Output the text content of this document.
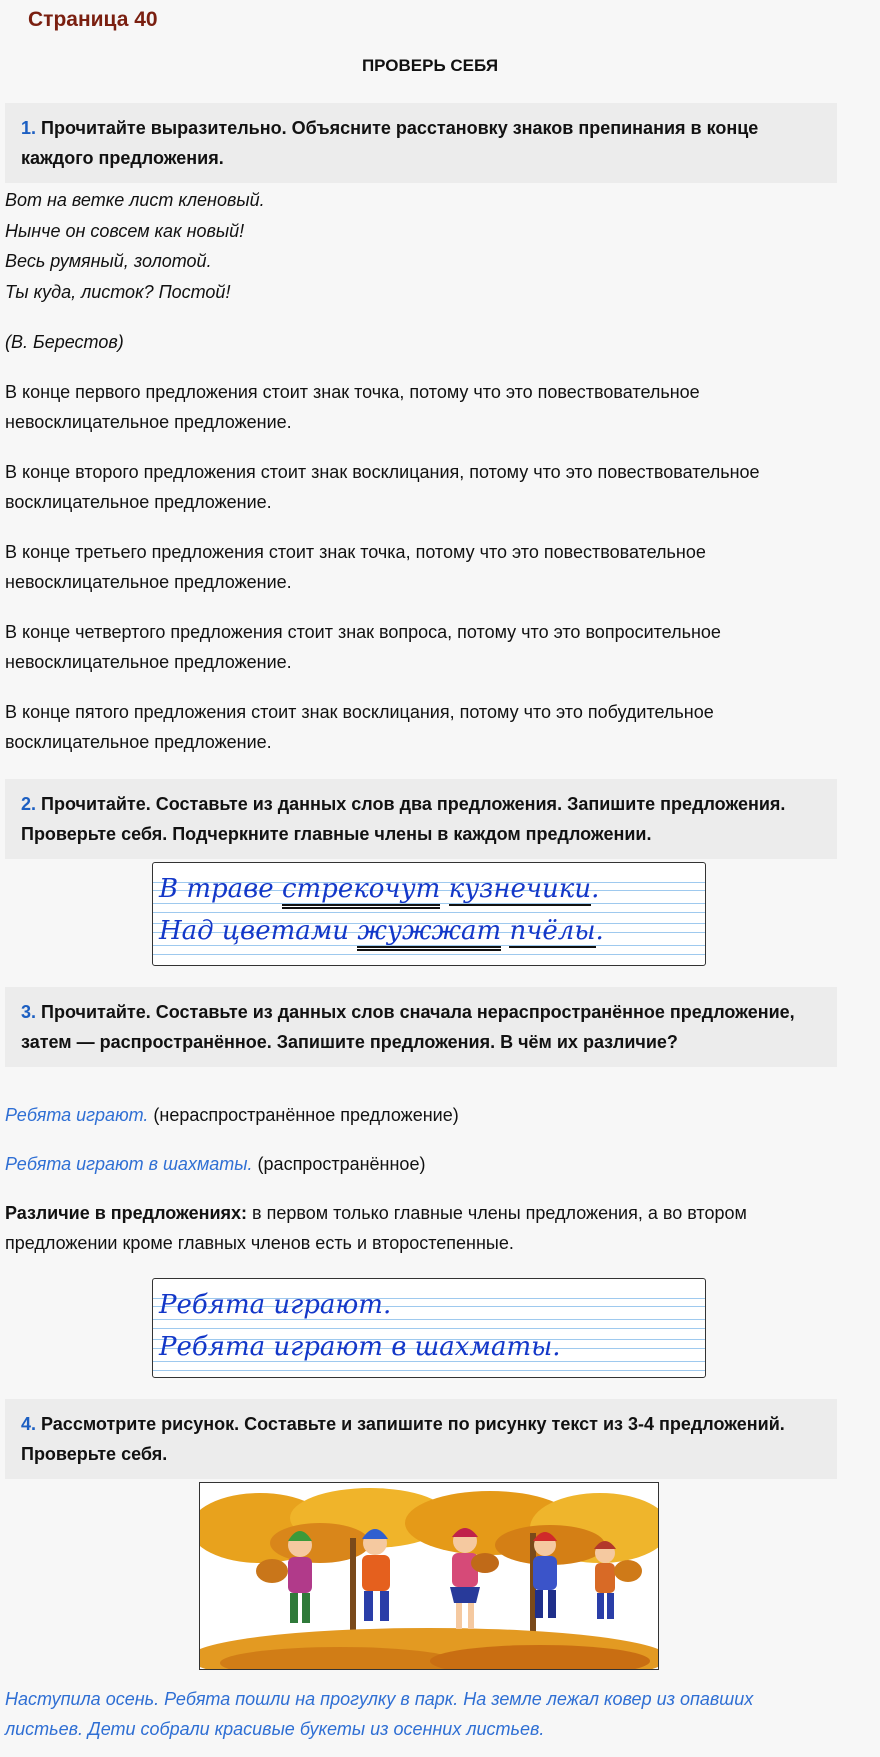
Страница 40
ПРОВЕРЬ СЕБЯ
1. Прочитайте выразительно. Объясните расстановку знаков препинания в конце каждого предложения.
Вот на ветке лист кленовый.
Нынче он совсем как новый!
Весь румяный, золотой.
Ты куда, листок? Постой!
(В. Берестов)
В конце первого предложения стоит знак точка, потому что это повествовательное невосклицательное предложение.
В конце второго предложения стоит знак восклицания, потому что это повествовательное восклицательное предложение.
В конце третьего предложения стоит знак точка, потому что это повествовательное невосклицательное предложение.
В конце четвертого предложения стоит знак вопроса, потому что это вопросительное невосклицательное предложение.
В конце пятого предложения стоит знак восклицания, потому что это побудительное восклицательное предложение.
2. Прочитайте. Составьте из данных слов два предложения. Запишите предложения. Проверьте себя. Подчеркните главные члены в каждом предложении.
В траве стрекочут кузнечики.
Над цветами жужжат пчёлы.
3. Прочитайте. Составьте из данных слов сначала нераспространённое предложение, затем — распространённое. Запишите предложения. В чём их различие?
Ребята играют. (нераспространённое предложение)
Ребята играют в шахматы. (распространённое)
Различие в предложениях: в первом только главные члены предложения, а во втором предложении кроме главных членов есть и второстепенные.
Ребята играют.
Ребята играют в шахматы.
4. Рассмотрите рисунок. Составьте и запишите по рисунку текст из 3-4 предложений. Проверьте себя.
Наступила осень. Ребята пошли на прогулку в парк. На земле лежал ковер из опавших листьев. Дети собрали красивые букеты из осенних листьев.
